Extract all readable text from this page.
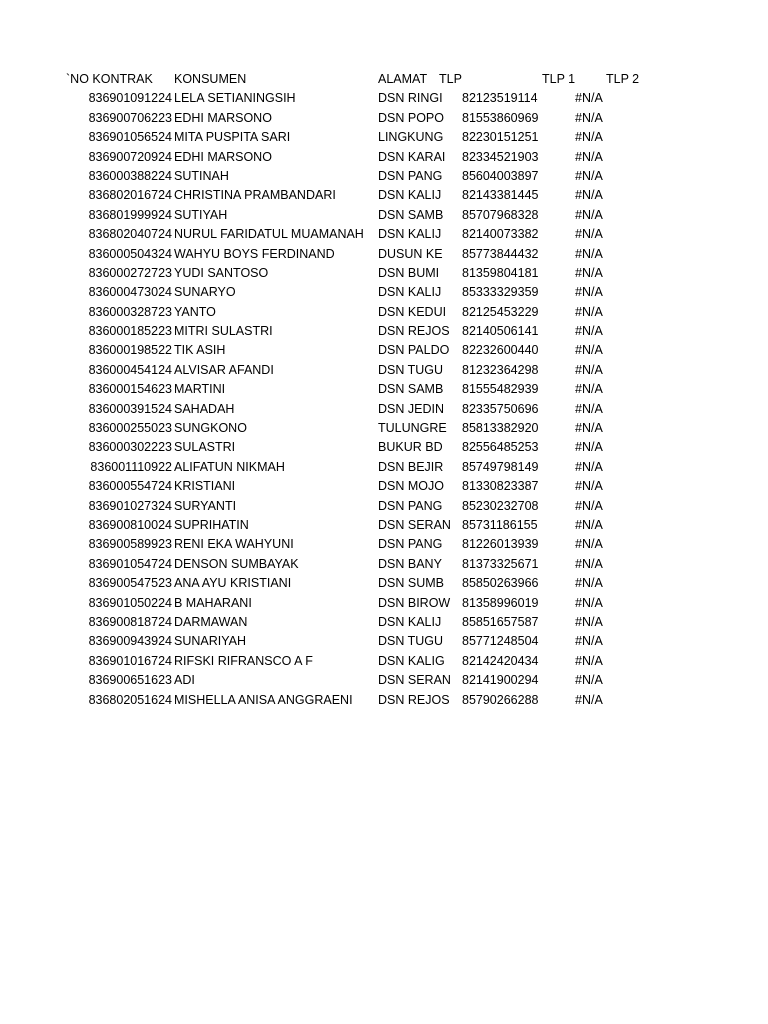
`NO KONTRAK	KONSUMEN	ALAMAT TLP	TLP 1	TLP 2
836901091224 LELA SETIANINGSIH	DSN RINGI 82123519114	#N/A
836900706223 EDHI MARSONO	DSN POPO 81553860969	#N/A
836901056524 MITA PUSPITA SARI	LINGKUNG 82230151251	#N/A
836900720924 EDHI MARSONO	DSN KARAI 82334521903	#N/A
836000388224 SUTINAH	DSN PANG 85604003897	#N/A
836802016724 CHRISTINA PRAMBANDARI	DSN KALIJ 82143381445	#N/A
836801999924 SUTIYAH	DSN SAMB 85707968328	#N/A
836802040724 NURUL FARIDATUL MUAMANAH	DSN KALIJ 82140073382	#N/A
836000504324 WAHYU BOYS FERDINAND	DUSUN KE 85773844432	#N/A
836000272723 YUDI SANTOSO	DSN BUMI 81359804181	#N/A
836000473024 SUNARYO	DSN KALIJ 85333329359	#N/A
836000328723 YANTO	DSN KEDUI 82125453229	#N/A
836000185223 MITRI SULASTRI	DSN REJOS 82140506141	#N/A
836000198522 TIK ASIH	DSN PALDO 82232600440	#N/A
836000454124 ALVISAR AFANDI	DSN TUGU 81232364298	#N/A
836000154623 MARTINI	DSN SAMB 81555482939	#N/A
836000391524 SAHADAH	DSN JEDIN 82335750696	#N/A
836000255023 SUNGKONO	TULUNGRE 85813382920	#N/A
836000302223 SULASTRI	BUKUR BD 82556485253	#N/A
836001110922 ALIFATUN NIKMAH	DSN BEJIR 85749798149	#N/A
836000554724 KRISTIANI	DSN MOJO 81330823387	#N/A
836901027324 SURYANTI	DSN PANG 85230232708	#N/A
836900810024 SUPRIHATIN	DSN SERAN 85731186155	#N/A
836900589923 RENI EKA WAHYUNI	DSN PANG 81226013939	#N/A
836901054724 DENSON SUMBAYAK	DSN BANY 81373325671	#N/A
836900547523 ANA AYU KRISTIANI	DSN SUMB 85850263966	#N/A
836901050224 B MAHARANI	DSN BIROW 81358996019	#N/A
836900818724 DARMAWAN	DSN KALIJ 85851657587	#N/A
836900943924 SUNARIYAH	DSN TUGU 85771248504	#N/A
836901016724 RIFSKI RIFRANSCO A F	DSN KALIG 82142420434	#N/A
836900651623 ADI	DSN SERAN 82141900294	#N/A
836802051624 MISHELLA ANISA ANGGRAENI	DSN REJOS 85790266288	#N/A
